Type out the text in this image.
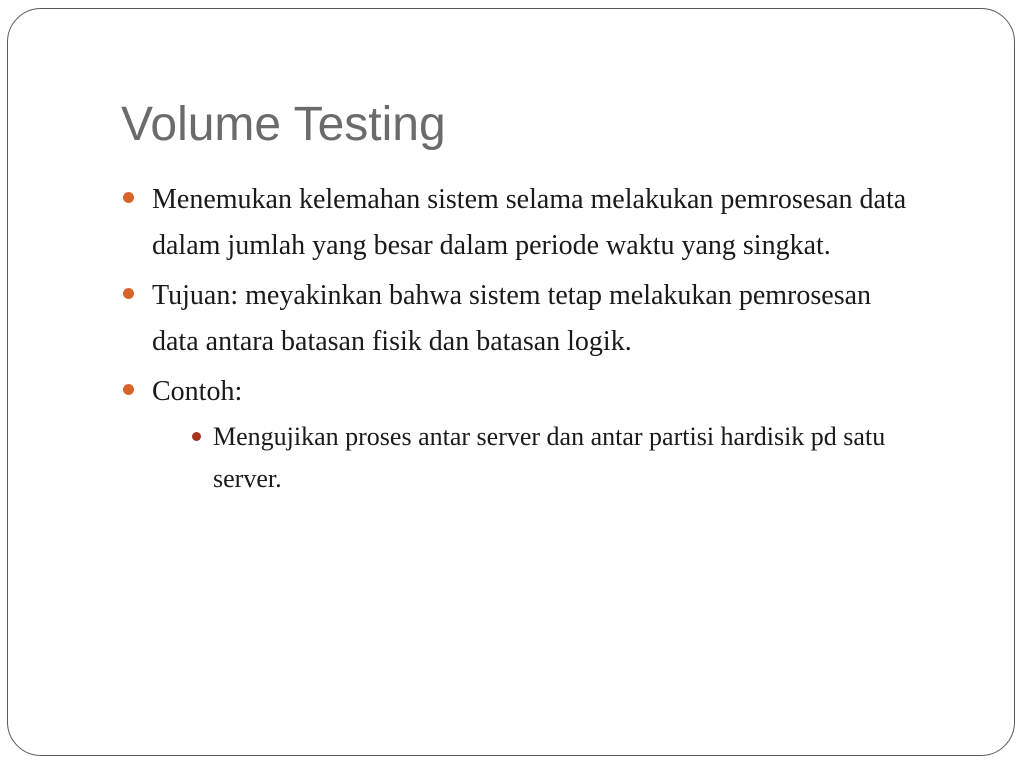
Volume Testing
Menemukan kelemahan sistem selama melakukan pemrosesan data dalam jumlah yang besar dalam periode waktu yang singkat.
Tujuan: meyakinkan bahwa sistem tetap melakukan pemrosesan data antara batasan fisik dan batasan logik.
Contoh:
Mengujikan proses antar server dan antar partisi hardisik pd satu server.
